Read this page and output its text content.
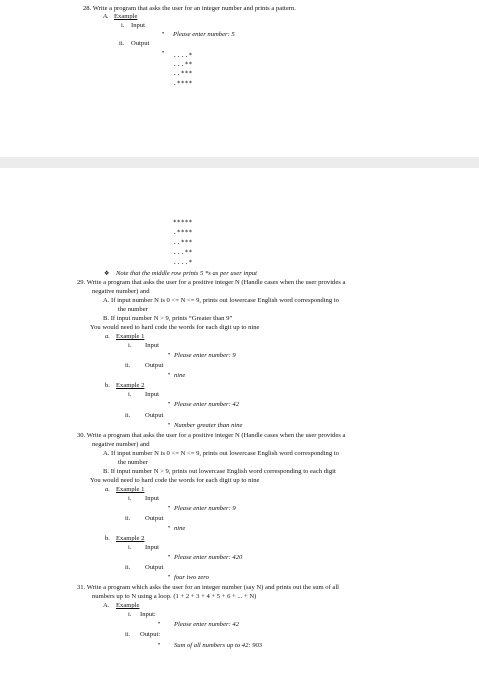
28. Write a program that asks the user for an integer number and prints a pattern.
A. Example
i. Input
• Please enter number: 5
ii. Output
• ....*
...**
..***
.****
*****
.****
..***
...**
....*
❖ Note that the middle row prints 5 *s as per user input
29. Write a program that asks the user for a positive integer N (Handle cases when the user provides a
negative number) and
A. If input number N is 0 <= N <= 9, prints out lowercase English word corresponding to
the number
B. If input number N > 9, prints “Greater than 9”
You would need to hard code the words for each digit up to nine
a. Example 1
i. Input
• Please enter number: 9
ii. Output
• nine
b. Example 2
i. Input
• Please enter number: 42
ii. Output
• Number greater than nine
30. Write a program that asks the user for a positive integer N (Handle cases when the user provides a
negative number) and
A. If input number N is 0 <= N <= 9, prints out lowercase English word corresponding to
the number
B. If input number N > 9, prints out lowercase English word corresponding to each digit
You would need to hard code the words for each digit up to nine
a. Example 1
i. Input
• Please enter number: 9
ii. Output
• nine
b. Example 2
i. Input
• Please enter number: 420
ii. Output
• four two zero
31. Write a program which asks the user for an integer number (say N) and prints out the sum of all
numbers up to N using a loop. (1 + 2 + 3 + 4 + 5 + 6 + ... + N)
A. Example
i. Input:
• Please enter number: 42
ii. Output:
• Sum of all numbers up to 42: 903
